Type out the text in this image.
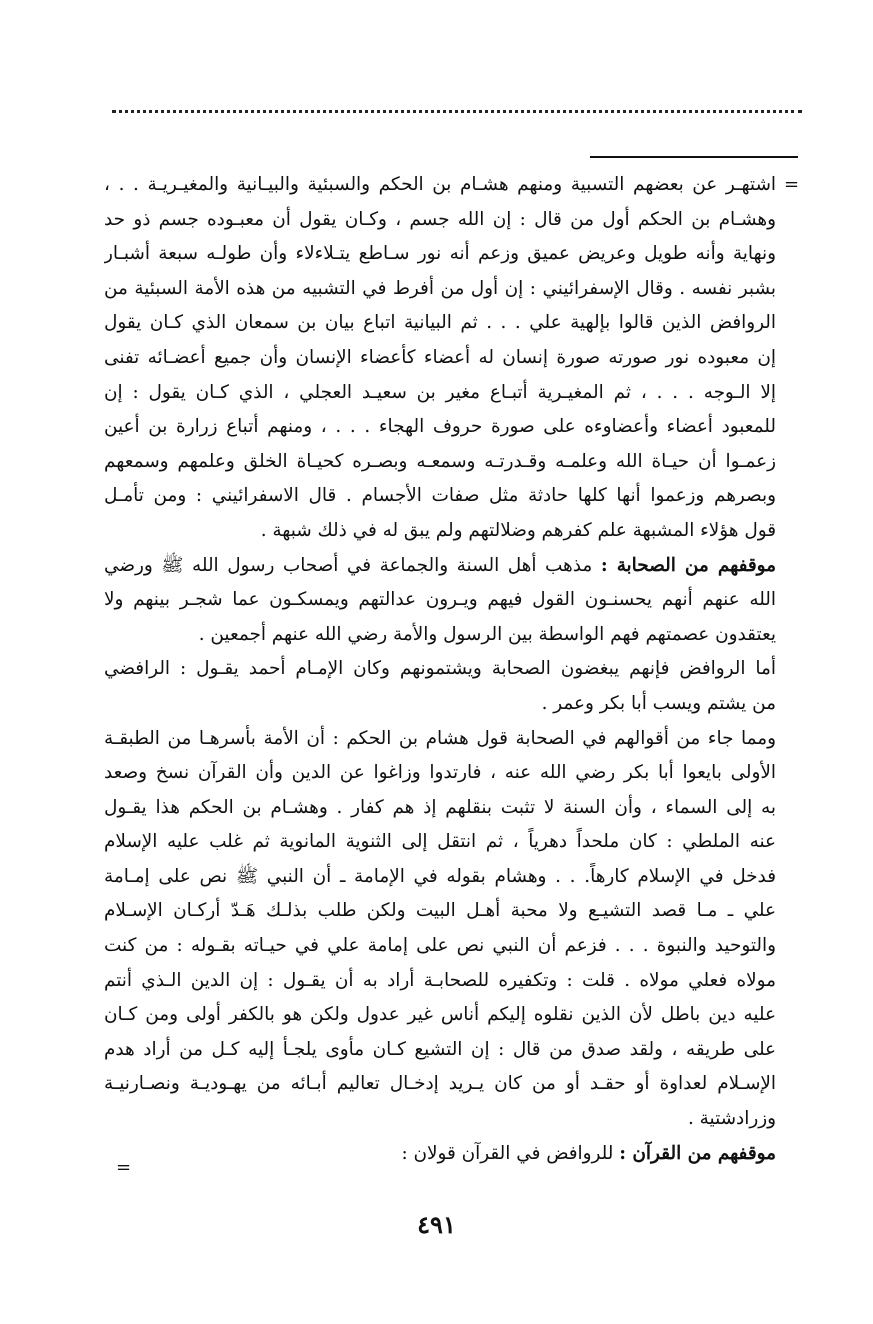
=
=
اشتهـر عن بعضهم التسبية ومنهم هشـام بن الحكم والسبئية والبيـانية والمغيـريـة . . ،
وهشـام بن الحكم أول من قال : إن الله جسم ، وكـان يقول أن معبـوده جسم ذو حد
ونهاية وأنه طويل وعريض عميق وزعم أنه نور سـاطع يتـلاءلاء وأن طولـه سبعة أشبـار
بشبر نفسه . وقال الإسفرائيني : إن أول من أفرط في التشبيه من هذه الأمة السبئية من
الروافض الذين قالوا بإلهية علي . . . ثم البيانية اتباع بيان بن سمعان الذي كـان يقول
إن معبوده نور صورته صورة إنسان له أعضاء كأعضاء الإنسان وأن جميع أعضـائه تفنى
إلا الـوجه . . . ، ثم المغيـرية أتبـاع مغير بن سعيـد العجلي ، الذي كـان يقول : إن
للمعبود أعضاء وأعضاوءه على صورة حروف الهجاء . . . ، ومنهم أتباع زرارة بن أعين
زعمـوا أن حيـاة الله وعلمـه وقـدرتـه وسمعـه وبصـره كحيـاة الخلق وعلمهم وسمعهم
وبصرهم وزعموا أنها كلها حادثة مثل صفات الأجسام . قال الاسفرائيني : ومن تأمـل
قول هؤلاء المشبهة علم كفرهم وضلالتهم ولم يبق له في ذلك شبهة .
موقفهم من الصحابة : مذهب أهل السنة والجماعة في أصحاب رسول الله ﷺ ورضي
الله عنهم أنهم يحسنـون القول فيهم ويـرون عدالتهم ويمسكـون عما شجـر بينهم ولا
يعتقدون عصمتهم فهم الواسطة بين الرسول والأمة رضي الله عنهم أجمعين .
أما الروافض فإنهم يبغضون الصحابة ويشتمونهم وكان الإمـام أحمد يقـول : الرافضي
من يشتم ويسب أبا بكر وعمر .
ومما جاء من أقوالهم في الصحابة قول هشام بن الحكم : أن الأمة بأسرهـا من الطبقـة
الأولى بايعوا أبا بكر رضي الله عنه ، فارتدوا وزاغوا عن الدين وأن القرآن نسخ وصعد
به إلى السماء ، وأن السنة لا تثبت بنقلهم إذ هم كفار . وهشـام بن الحكم هذا يقـول
عنه الملطي : كان ملحداً دهرياً ، ثم انتقل إلى الثنوية المانوية ثم غلب عليه الإسلام
فدخل في الإسلام كارهاً. . . وهشام بقوله في الإمامة ـ أن النبي ﷺ نص على إمـامة
علي ـ مـا قصد التشيـع ولا محبة أهـل البيت ولكن طلب بذلـك هَـدّ أركـان الإسـلام
والتوحيد والنبوة . . . فزعم أن النبي نص على إمامة علي في حيـاته بقـوله : من كنت
مولاه فعلي مولاه . قلت : وتكفيره للصحابـة أراد به أن يقـول : إن الدين الـذي أنتم
عليه دين باطل لأن الذين نقلوه إليكم أناس غير عدول ولكن هو بالكفر أولى ومن كـان
على طريقه ، ولقد صدق من قال : إن التشيع كـان مأوى يلجـأ إليه كـل من أراد هدم
الإسـلام لعداوة أو حقـد أو من كان يـريد إدخـال تعاليم أبـائه من يهـوديـة ونصـارنيـة
وزرادشتية .
موقفهم من القرآن : للروافض في القرآن قولان :
٤٩١
